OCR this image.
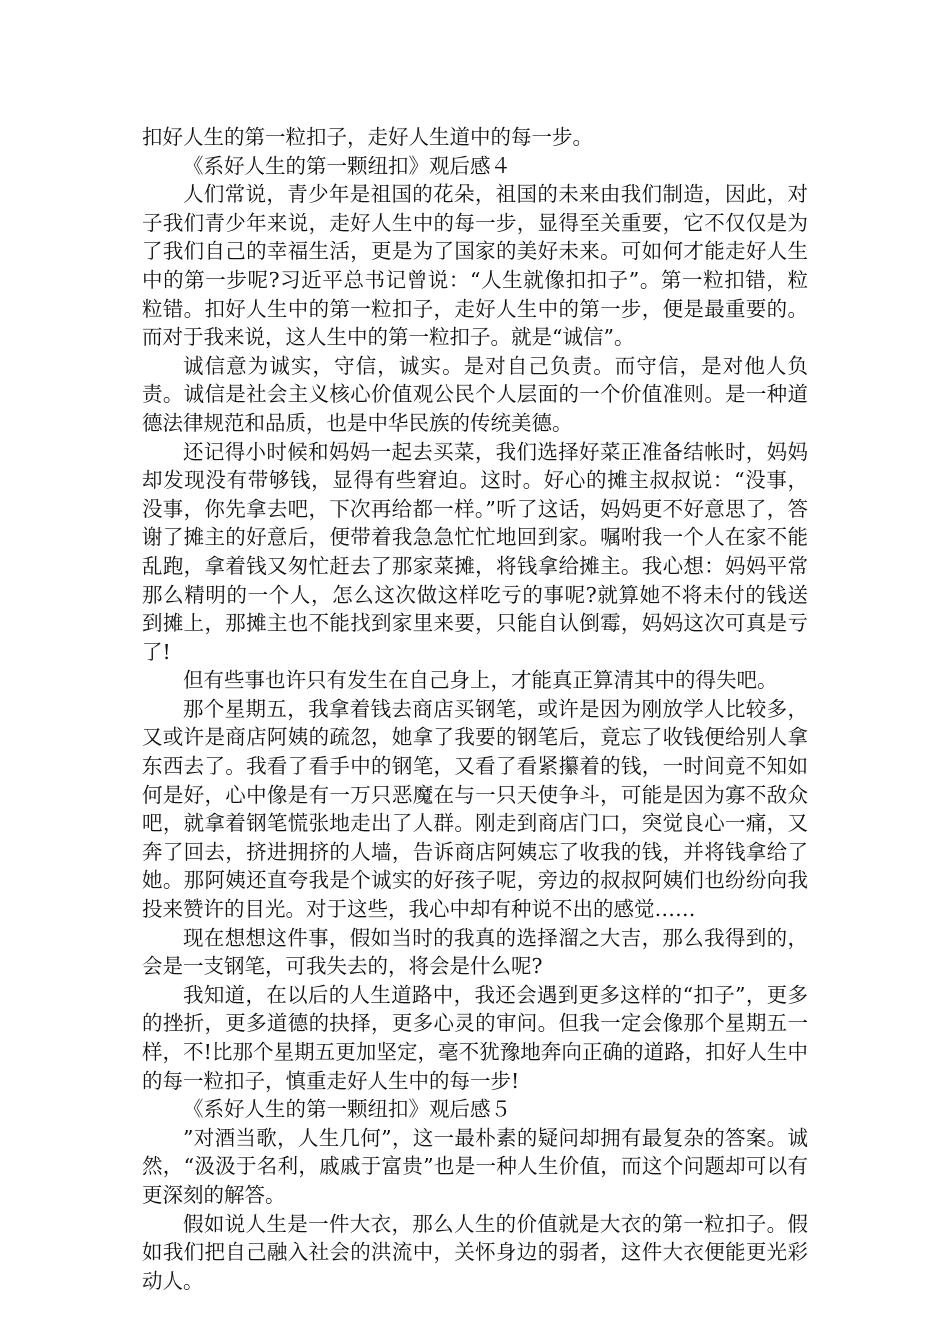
扣好人生的第一粒扣子，走好人生道中的每一步。

《系好人生的第一颗纽扣》观后感４

人们常说，青少年是祖国的花朵，祖国的未来由我们制造，因此，对子我们青少年来说，走好人生中的每一步，显得至关重要，它不仅仅是为了我们自己的幸福生活，更是为了国家的美好未来。可如何才能走好人生中的第一步呢?习近平总书记曾说：“人生就像扣扣子”。第一粒扣错，粒粒错。扣好人生中的第一粒扣子，走好人生中的第一步，便是最重要的。而对于我来说，这人生中的第一粒扣子。就是“诚信”。

诚信意为诚实，守信，诚实。是对自己负责。而守信，是对他人负责。诚信是社会主义核心价值观公民个人层面的一个价值准则。是一种道德法律规范和品质，也是中华民族的传统美德。

还记得小时候和妈妈一起去买菜，我们选择好菜正准备结帐时，妈妈却发现没有带够钱，显得有些窘迫。这时。好心的摊主叔叔说：“没事，没事，你先拿去吧，下次再给都一样。”听了这话，妈妈更不好意思了，答谢了摊主的好意后，便带着我急急忙忙地回到家。嘱咐我一个人在家不能乱跑，拿着钱又匆忙赶去了那家菜摊，将钱拿给摊主。我心想：妈妈平常那么精明的一个人，怎么这次做这样吃亏的事呢?就算她不将未付的钱送到摊上，那摊主也不能找到家里来要，只能自认倒霉，妈妈这次可真是亏了!

但有些事也许只有发生在自己身上，才能真正算清其中的得失吧。

那个星期五，我拿着钱去商店买钢笔，或许是因为刚放学人比较多，又或许是商店阿姨的疏忽，她拿了我要的钢笔后，竟忘了收钱便给别人拿东西去了。我看了看手中的钢笔，又看了看紧攥着的钱，一时间竟不知如何是好，心中像是有一万只恶魔在与一只天使争斗，可能是因为寡不敌众吧，就拿着钢笔慌张地走出了人群。刚走到商店门口，突觉良心一痛，又奔了回去，挤进拥挤的人墙，告诉商店阿姨忘了收我的钱，并将钱拿给了她。那阿姨还直夸我是个诚实的好孩子呢，旁边的叔叔阿姨们也纷纷向我投来赞许的目光。对于这些，我心中却有种说不出的感觉……

现在想想这件事，假如当时的我真的选择溜之大吉，那么我得到的，会是一支钢笔，可我失去的，将会是什么呢?

我知道，在以后的人生道路中，我还会遇到更多这样的“扣子”，更多的挫折，更多道德的抉择，更多心灵的审问。但我一定会像那个星期五一样，不!比那个星期五更加坚定，毫不犹豫地奔向正确的道路，扣好人生中的每一粒扣子，慎重走好人生中的每一步!

《系好人生的第一颗纽扣》观后感５

”对酒当歌，人生几何”，这一最朴素的疑问却拥有最复杂的答案。诚然，“汲汲于名利，戚戚于富贵”也是一种人生价值，而这个问题却可以有更深刻的解答。

假如说人生是一件大衣，那么人生的价值就是大衣的第一粒扣子。假如我们把自己融入社会的洪流中，关怀身边的弱者，这件大衣便能更光彩动人。
